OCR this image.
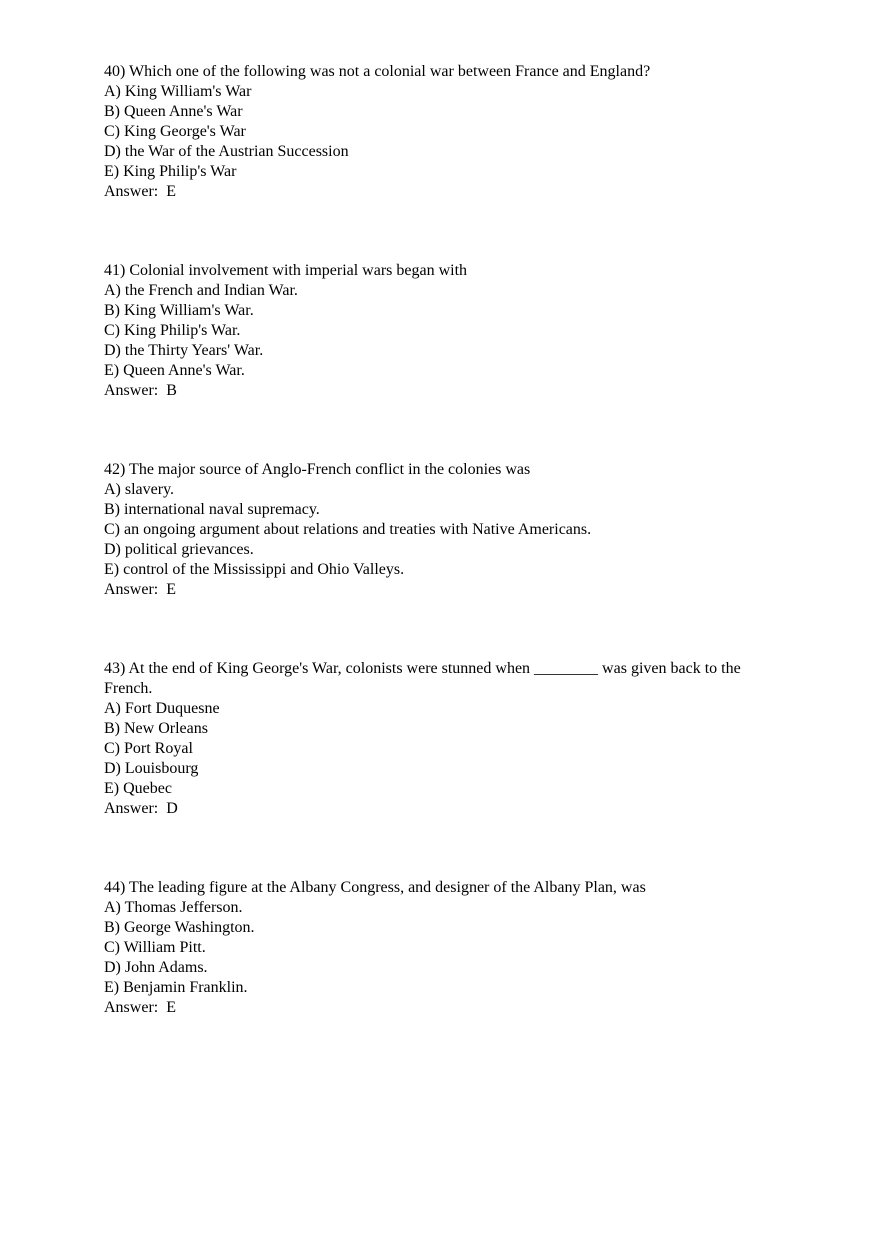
40) Which one of the following was not a colonial war between France and England?
A) King William's War
B) Queen Anne's War
C) King George's War
D) the War of the Austrian Succession
E) King Philip's War
Answer:  E
41) Colonial involvement with imperial wars began with
A) the French and Indian War.
B) King William's War.
C) King Philip's War.
D) the Thirty Years' War.
E) Queen Anne's War.
Answer:  B
42) The major source of Anglo-French conflict in the colonies was
A) slavery.
B) international naval supremacy.
C) an ongoing argument about relations and treaties with Native Americans.
D) political grievances.
E) control of the Mississippi and Ohio Valleys.
Answer:  E
43) At the end of King George's War, colonists were stunned when ________ was given back to the French.
A) Fort Duquesne
B) New Orleans
C) Port Royal
D) Louisbourg
E) Quebec
Answer:  D
44) The leading figure at the Albany Congress, and designer of the Albany Plan, was
A) Thomas Jefferson.
B) George Washington.
C) William Pitt.
D) John Adams.
E) Benjamin Franklin.
Answer:  E
